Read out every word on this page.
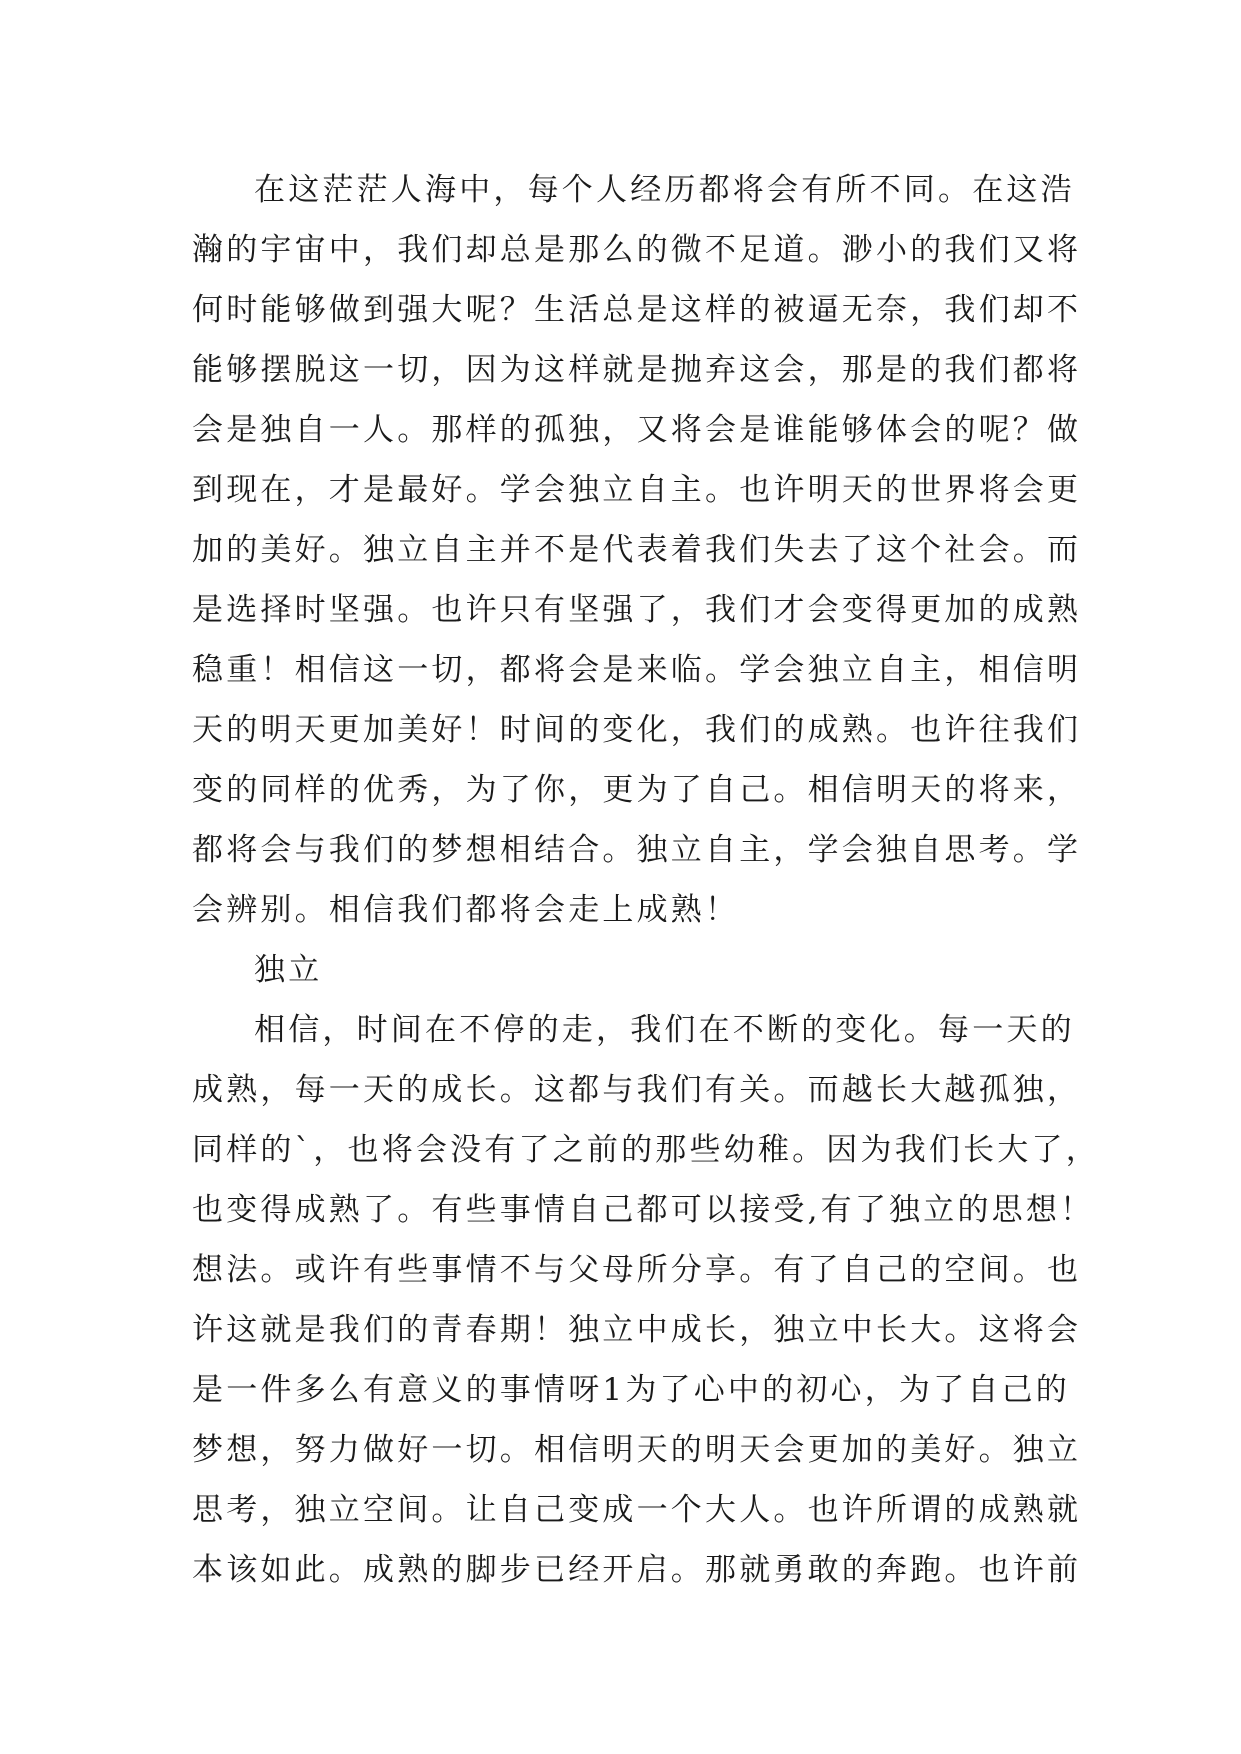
在这茫茫人海中，每个人经历都将会有所不同。在这浩
瀚的宇宙中，我们却总是那么的微不足道。渺小的我们又将
何时能够做到强大呢？生活总是这样的被逼无奈，我们却不
能够摆脱这一切，因为这样就是抛弃这会，那是的我们都将
会是独自一人。那样的孤独，又将会是谁能够体会的呢？做
到现在，才是最好。学会独立自主。也许明天的世界将会更
加的美好。独立自主并不是代表着我们失去了这个社会。而
是选择时坚强。也许只有坚强了，我们才会变得更加的成熟
稳重！相信这一切，都将会是来临。学会独立自主，相信明
天的明天更加美好！时间的变化，我们的成熟。也许往我们
变的同样的优秀，为了你，更为了自己。相信明天的将来，
都将会与我们的梦想相结合。独立自主，学会独自思考。学
会辨别。相信我们都将会走上成熟！
独立
相信，时间在不停的走，我们在不断的变化。每一天的
成熟，每一天的成长。这都与我们有关。而越长大越孤独，
同样的`，也将会没有了之前的那些幼稚。因为我们长大了，
也变得成熟了。有些事情自己都可以接受,有了独立的思想！
想法。或许有些事情不与父母所分享。有了自己的空间。也
许这就是我们的青春期！独立中成长，独立中长大。这将会
是一件多么有意义的事情呀1为了心中的初心，为了自己的
梦想，努力做好一切。相信明天的明天会更加的美好。独立
思考，独立空间。让自己变成一个大人。也许所谓的成熟就
本该如此。成熟的脚步已经开启。那就勇敢的奔跑。也许前
